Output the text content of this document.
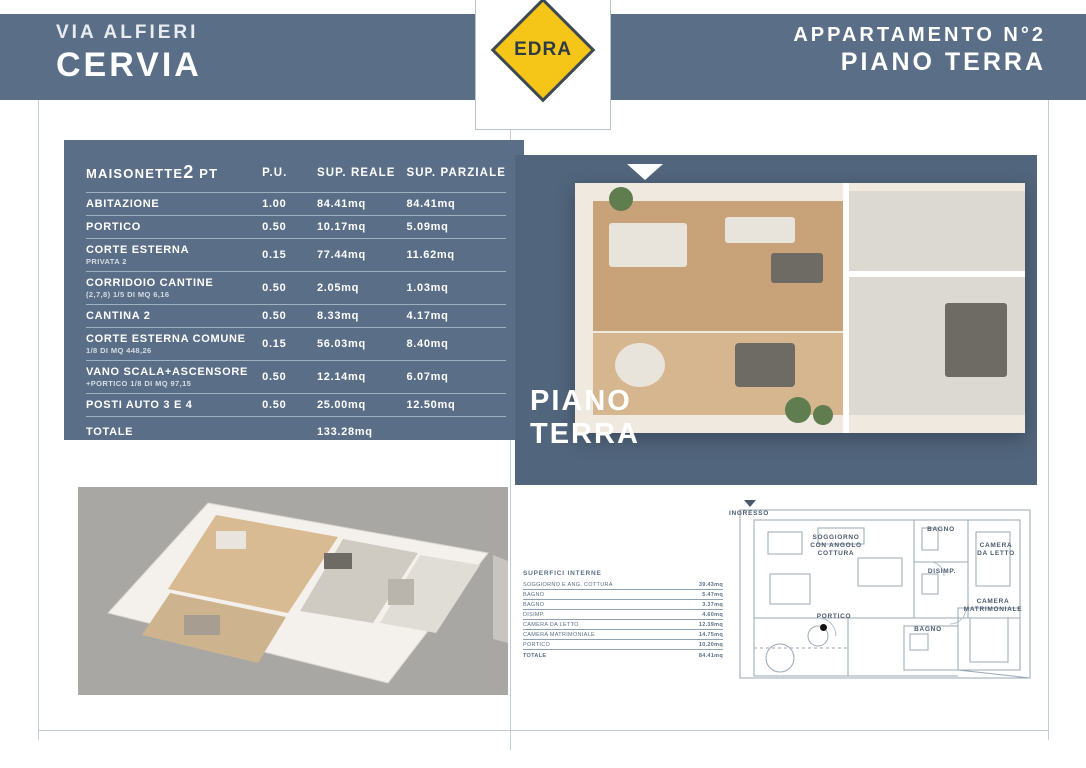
VIA ALFIERI
CERVIA
APPARTAMENTO N°2
PIANO TERRA
EDRA
MAISONETTE2 PT	P.U.	SUP. REALE	SUP. PARZIALE
ABITAZIONE	1.00	84.41mq	84.41mq
PORTICO	0.50	10.17mq	5.09mq
CORTE ESTERNA
PRIVATA 2	0.15	77.44mq	11.62mq
CORRIDOIO CANTINE
(2,7,8) 1/5 DI MQ 6,16	0.50	2.05mq	1.03mq
CANTINA 2	0.50	8.33mq	4.17mq
CORTE ESTERNA COMUNE
1/8 DI MQ 448,26	0.15	56.03mq	8.40mq
VANO SCALA+ASCENSORE
+PORTICO 1/8 DI MQ 97,15	0.50	12.14mq	6.07mq
POSTI AUTO 3 E 4	0.50	25.00mq	12.50mq
TOTALE		133.28mq	
PIANO
TERRA
INGRESSO
SOGGIORNO
CON ANGOLO
COTTURA
BAGNO
DISIMP.
CAMERA
DA LETTO
CAMERA
MATRIMONIALE
BAGNO
PORTICO
SUPERFICI INTERNE
SOGGIORNO E ANG. COTTURA	39.43mq
BAGNO	5.47mq
BAGNO	3.37mq
DISIMP.	4.60mq
CAMERA DA LETTO	12.39mq
CAMERA MATRIMONIALE	14.75mq
PORTICO	10.20mq
TOTALE	84.41mq
